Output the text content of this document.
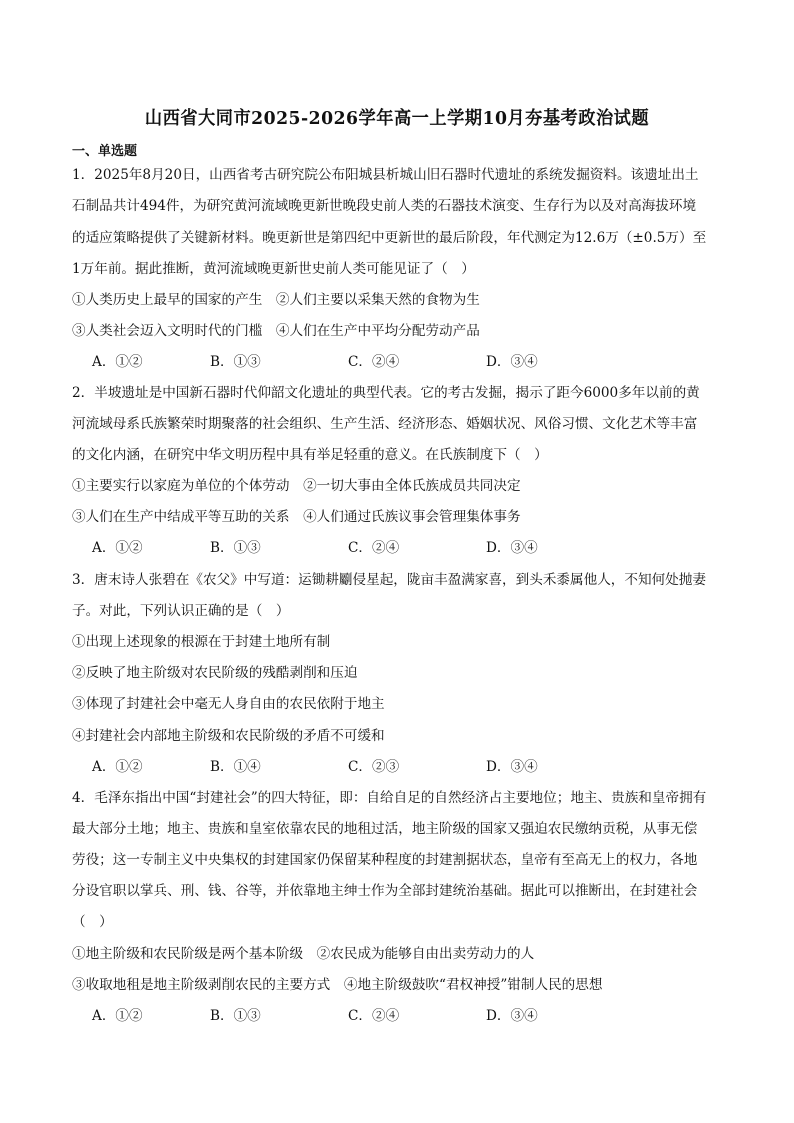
山西省大同市2025-2026学年高一上学期10月夯基考政治试题
一、单选题
1．2025年8月20日，山西省考古研究院公布阳城县析城山旧石器时代遗址的系统发掘资料。该遗址出土
石制品共计494件，为研究黄河流域晚更新世晚段史前人类的石器技术演变、生存行为以及对高海拔环境
的适应策略提供了关键新材料。晚更新世是第四纪中更新世的最后阶段，年代测定为12.6万（±0.5万）至
1万年前。据此推断，黄河流域晚更新世史前人类可能见证了（　）
①人类历史上最早的国家的产生　②人们主要以采集天然的食物为生
③人类社会迈入文明时代的门槛　④人们在生产中平均分配劳动产品
A．①②	B．①③	C．②④	D．③④
2．半坡遗址是中国新石器时代仰韶文化遗址的典型代表。它的考古发掘，揭示了距今6000多年以前的黄
河流域母系氏族繁荣时期聚落的社会组织、生产生活、经济形态、婚姻状况、风俗习惯、文化艺术等丰富
的文化内涵，在研究中华文明历程中具有举足轻重的意义。在氏族制度下（　）
①主要实行以家庭为单位的个体劳动　②一切大事由全体氏族成员共同决定
③人们在生产中结成平等互助的关系　④人们通过氏族议事会管理集体事务
A．①②	B．①③	C．②④	D．③④
3．唐末诗人张碧在《农父》中写道：运锄耕劚侵星起，陇亩丰盈满家喜，到头禾黍属他人，不知何处抛妻
子。对此，下列认识正确的是（　）
①出现上述现象的根源在于封建土地所有制
②反映了地主阶级对农民阶级的残酷剥削和压迫
③体现了封建社会中毫无人身自由的农民依附于地主
④封建社会内部地主阶级和农民阶级的矛盾不可缓和
A．①②	B．①④	C．②③	D．③④
4．毛泽东指出中国“封建社会”的四大特征，即：自给自足的自然经济占主要地位；地主、贵族和皇帝拥有
最大部分土地；地主、贵族和皇室依靠农民的地租过活，地主阶级的国家又强迫农民缴纳贡税，从事无偿
劳役；这一专制主义中央集权的封建国家仍保留某种程度的封建割据状态，皇帝有至高无上的权力，各地
分设官职以掌兵、刑、钱、谷等，并依靠地主绅士作为全部封建统治基础。据此可以推断出，在封建社会
（　）
①地主阶级和农民阶级是两个基本阶级　②农民成为能够自由出卖劳动力的人
③收取地租是地主阶级剥削农民的主要方式　④地主阶级鼓吹“君权神授”钳制人民的思想
A．①②	B．①③	C．②④	D．③④
